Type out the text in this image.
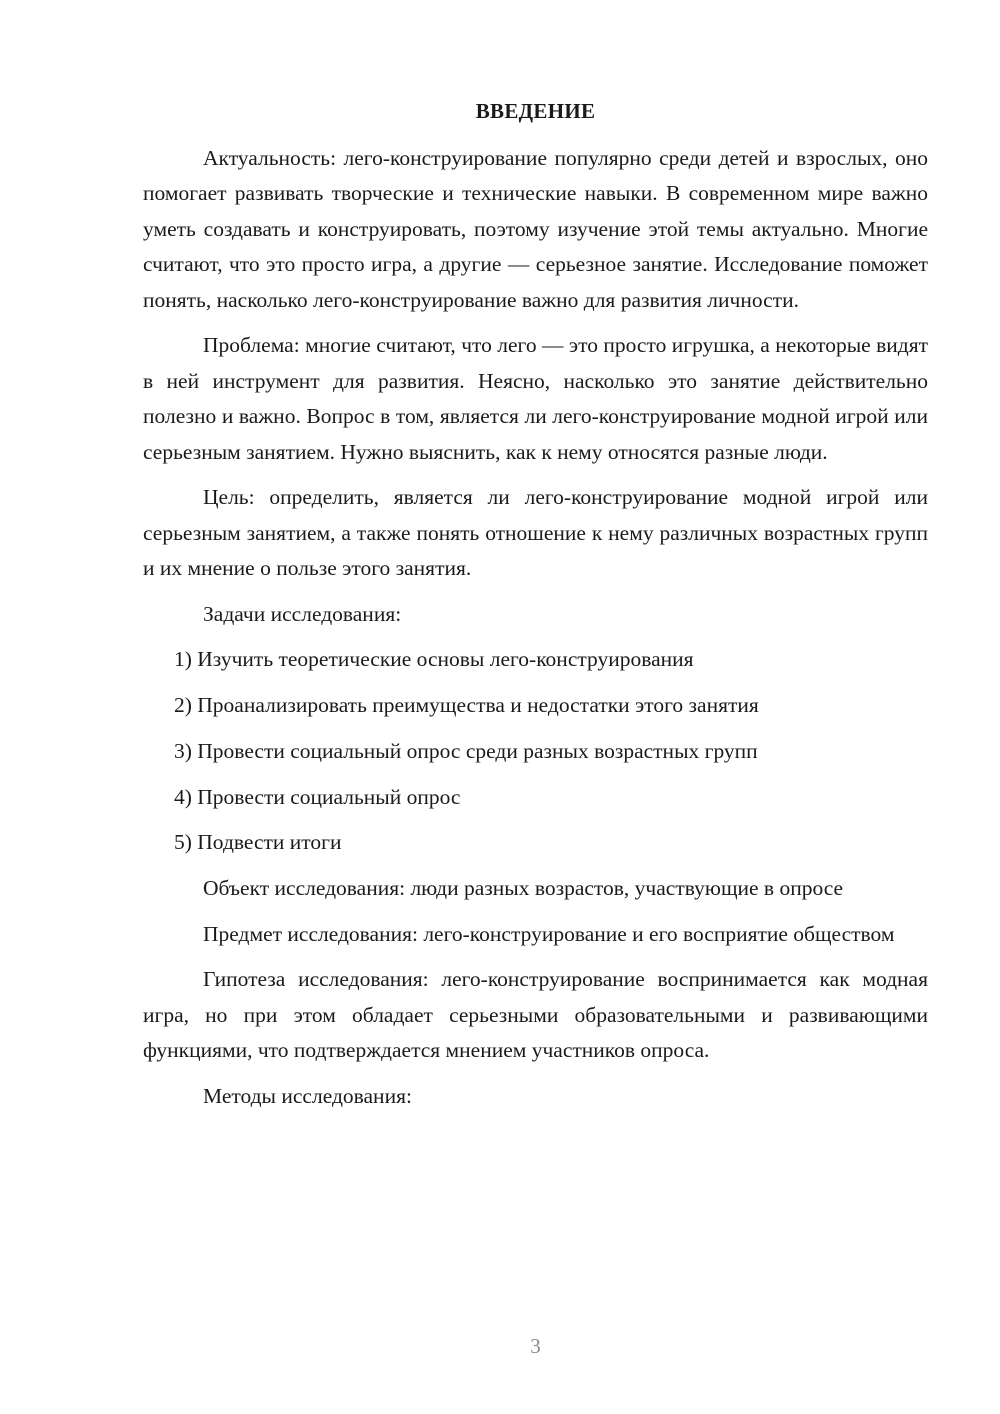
ВВЕДЕНИЕ

Актуальность: лего-конструирование популярно среди детей и взрослых, оно помогает развивать творческие и технические навыки. В современном мире важно уметь создавать и конструировать, поэтому изучение этой темы актуально. Многие считают, что это просто игра, а другие — серьезное занятие. Исследование поможет понять, насколько лего-конструирование важно для развития личности.

Проблема: многие считают, что лего — это просто игрушка, а некоторые видят в ней инструмент для развития. Неясно, насколько это занятие действительно полезно и важно. Вопрос в том, является ли лего-конструирование модной игрой или серьезным занятием. Нужно выяснить, как к нему относятся разные люди.

Цель: определить, является ли лего-конструирование модной игрой или серьезным занятием, а также понять отношение к нему различных возрастных групп и их мнение о пользе этого занятия.

Задачи исследования:

1) Изучить теоретические основы лего-конструирования

2) Проанализировать преимущества и недостатки этого занятия

3) Провести социальный опрос среди разных возрастных групп

4) Провести социальный опрос

5) Подвести итоги

Объект исследования: люди разных возрастов, участвующие в опросе

Предмет исследования: лего-конструирование и его восприятие обществом

Гипотеза исследования: лего-конструирование воспринимается как модная игра, но при этом обладает серьезными образовательными и развивающими функциями, что подтверждается мнением участников опроса.

Методы исследования:

3
